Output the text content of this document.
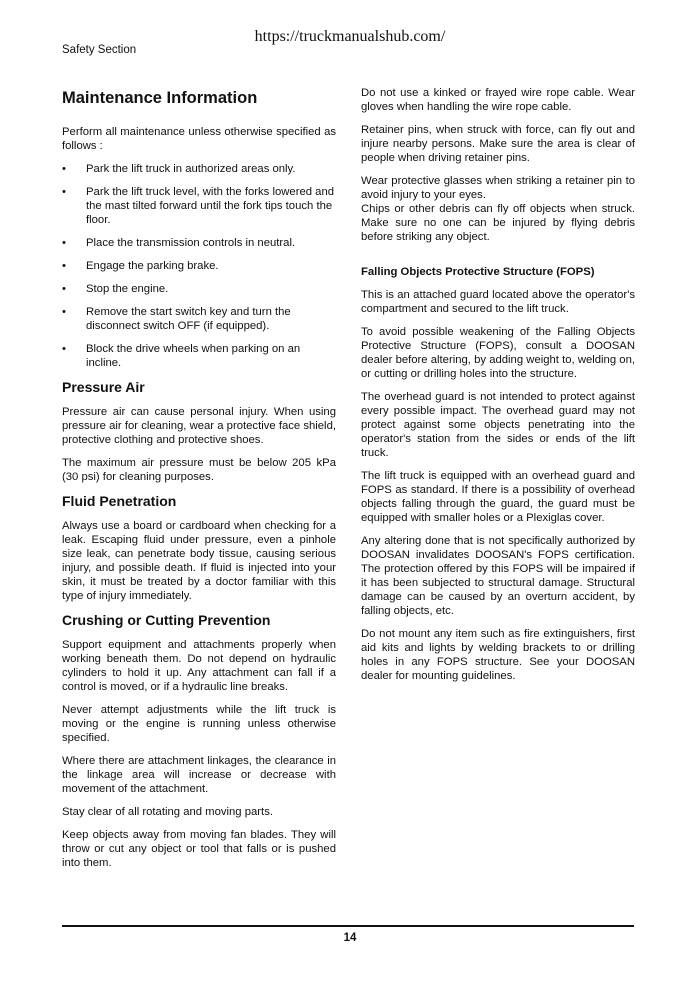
https://truckmanualshub.com/
Safety Section
Maintenance Information

Perform all maintenance unless otherwise specified as follows :

• Park the lift truck in authorized areas only.
• Park the lift truck level, with the forks lowered and the mast tilted forward until the fork tips touch the floor.
• Place the transmission controls in neutral.
• Engage the parking brake.
• Stop the engine.
• Remove the start switch key and turn the disconnect switch OFF (if equipped).
• Block the drive wheels when parking on an incline.
Pressure Air

Pressure air can cause personal injury. When using pressure air for cleaning, wear a protective face shield, protective clothing and protective shoes.

The maximum air pressure must be below 205 kPa (30 psi) for cleaning purposes.

Fluid Penetration

Always use a board or cardboard when checking for a leak. Escaping fluid under pressure, even a pinhole size leak, can penetrate body tissue, causing serious injury, and possible death. If fluid is injected into your skin, it must be treated by a doctor familiar with this type of injury immediately.

Crushing or Cutting Prevention

Support equipment and attachments properly when working beneath them. Do not depend on hydraulic cylinders to hold it up. Any attachment can fall if a control is moved, or if a hydraulic line breaks.

Never attempt adjustments while the lift truck is moving or the engine is running unless otherwise specified.

Where there are attachment linkages, the clearance in the linkage area will increase or decrease with movement of the attachment.

Stay clear of all rotating and moving parts.

Keep objects away from moving fan blades. They will throw or cut any object or tool that falls or is pushed into them.

Do not use a kinked or frayed wire rope cable. Wear gloves when handling the wire rope cable.

Retainer pins, when struck with force, can fly out and injure nearby persons. Make sure the area is clear of people when driving retainer pins.

Wear protective glasses when striking a retainer pin to avoid injury to your eyes.

Chips or other debris can fly off objects when struck. Make sure no one can be injured by flying debris before striking any object.

Falling Objects Protective Structure (FOPS)

This is an attached guard located above the operator's compartment and secured to the lift truck.

To avoid possible weakening of the Falling Objects Protective Structure (FOPS), consult a DOOSAN dealer before altering, by adding weight to, welding on, or cutting or drilling holes into the structure.

The overhead guard is not intended to protect against every possible impact. The overhead guard may not protect against some objects penetrating into the operator's station from the sides or ends of the lift truck.

The lift truck is equipped with an overhead guard and FOPS as standard. If there is a possibility of overhead objects falling through the guard, the guard must be equipped with smaller holes or a Plexiglas cover.

Any altering done that is not specifically authorized by DOOSAN invalidates DOOSAN's FOPS certification. The protection offered by this FOPS will be impaired if it has been subjected to structural damage. Structural damage can be caused by an overturn accident, by falling objects, etc.

Do not mount any item such as fire extinguishers, first aid kits and lights by welding brackets to or drilling holes in any FOPS structure. See your DOOSAN dealer for mounting guidelines.

14
